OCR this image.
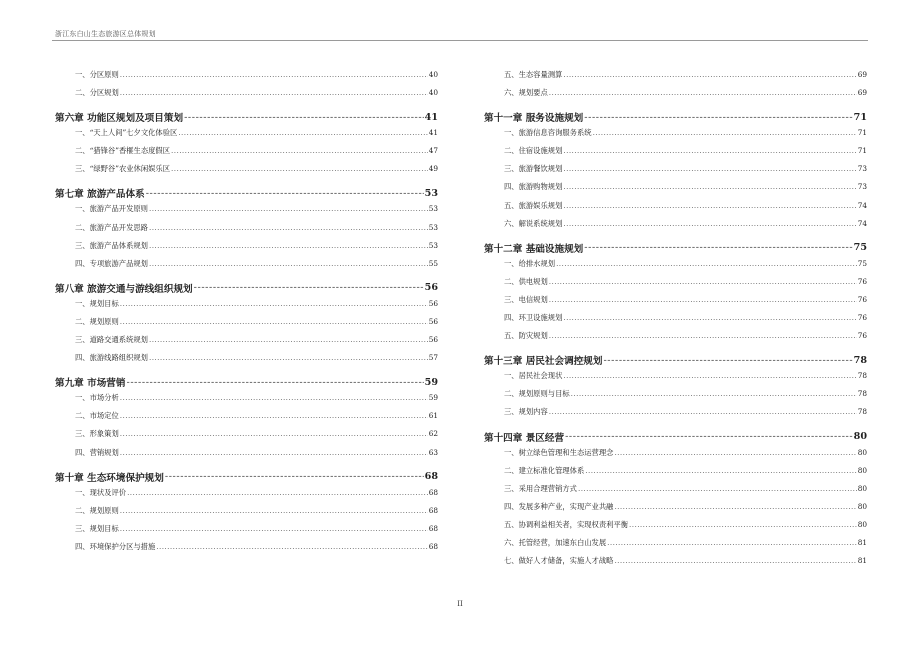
浙江东白山生态旅游区总体规划
一、分区原则 .....	40
二、分区规划 .....	40
第六章 功能区规划及项目策划 -----	41
一、“天上人间”七夕文化体验区 .....	41
二、“猎锋谷”香榧生态度假区 .....	47
三、“绿野谷”农业休闲娱乐区 .....	49
第七章 旅游产品体系 -----	53
一、旅游产品开发原则 .....	53
二、旅游产品开发思路 .....	53
三、旅游产品体系规划 .....	53
四、专项旅游产品规划 .....	55
第八章 旅游交通与游线组织规划 -----	56
一、规划目标 .....	56
二、规划原则 .....	56
三、道路交通系统规划 .....	56
四、旅游线路组织规划 .....	57
第九章 市场营销 -----	59
一、市场分析 .....	59
二、市场定位 .....	61
三、形象策划 .....	62
四、营销规划 .....	63
第十章 生态环境保护规划 -----	68
一、现状及评价 .....	68
二、规划原则 .....	68
三、规划目标 .....	68
四、环境保护分区与措施 .....	68
五、生态容量测算 .....	69
六、规划要点 .....	69
第十一章 服务设施规划 -----	71
一、旅游信息咨询服务系统 .....	71
二、住宿设施规划 .....	71
三、旅游餐饮规划 .....	73
四、旅游购物规划 .....	73
五、旅游娱乐规划 .....	74
六、解说系统规划 .....	74
第十二章 基础设施规划 -----	75
一、给排水规划 .....	75
二、供电规划 .....	76
三、电信规划 .....	76
四、环卫设施规划 .....	76
五、防灾规划 .....	76
第十三章 居民社会调控规划 -----	78
一、居民社会现状 .....	78
二、规划原则与目标 .....	78
三、规划内容 .....	78
第十四章 景区经营 -----	80
一、树立绿色管理和生态运营理念 .....	80
二、建立标准化管理体系 .....	80
三、采用合理营销方式 .....	80
四、发展多种产业，实现产业共融 .....	80
五、协调利益相关者，实现权责利平衡 .....	80
六、托管经营，加速东白山发展 .....	81
七、做好人才储备，实施人才战略 .....	81
II
